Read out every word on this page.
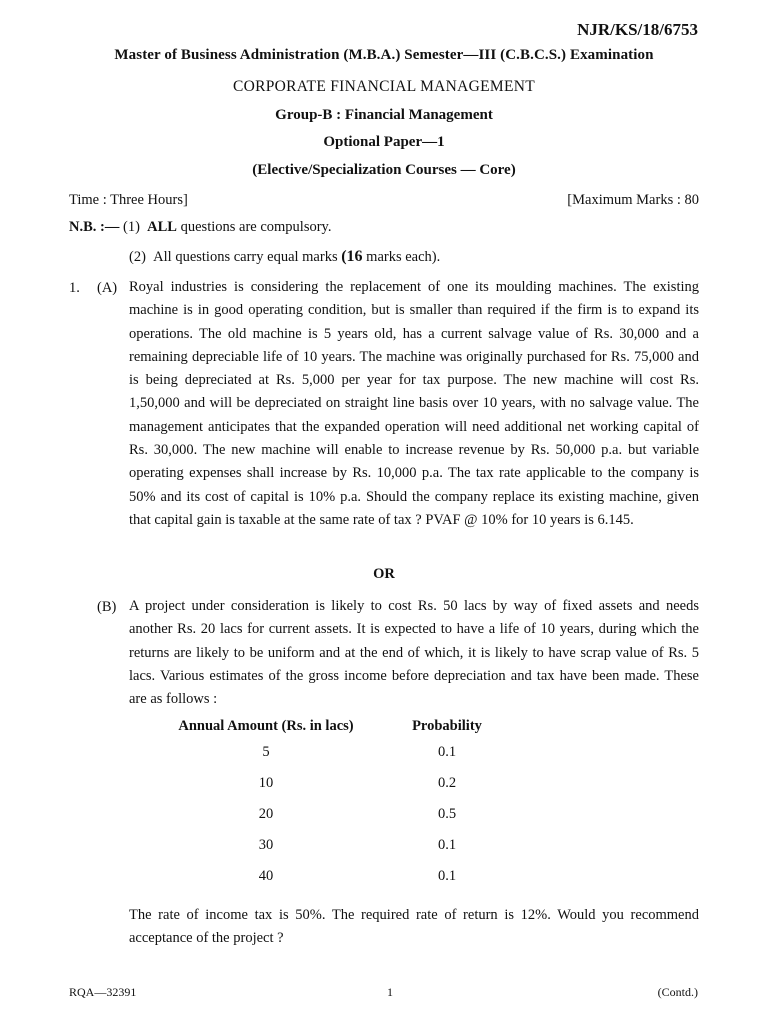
NJR/KS/18/6753
Master of Business Administration (M.B.A.) Semester—III (C.B.C.S.) Examination
CORPORATE FINANCIAL MANAGEMENT
Group-B : Financial Management
Optional Paper—1
(Elective/Specialization Courses — Core)
Time : Three Hours]	[Maximum Marks : 80
N.B. :— (1) ALL questions are compulsory.
(2) All questions carry equal marks (16 marks each).
1. (A) Royal industries is considering the replacement of one its moulding machines. The existing machine is in good operating condition, but is smaller than required if the firm is to expand its operations. The old machine is 5 years old, has a current salvage value of Rs. 30,000 and a remaining depreciable life of 10 years. The machine was originally purchased for Rs. 75,000 and is being depreciated at Rs. 5,000 per year for tax purpose. The new machine will cost Rs. 1,50,000 and will be depreciated on straight line basis over 10 years, with no salvage value. The management anticipates that the expanded operation will need additional net working capital of Rs. 30,000. The new machine will enable to increase revenue by Rs. 50,000 p.a. but variable operating expenses shall increase by Rs. 10,000 p.a. The tax rate applicable to the company is 50% and its cost of capital is 10% p.a. Should the company replace its existing machine, given that capital gain is taxable at the same rate of tax ? PVAF @ 10% for 10 years is 6.145.
OR
(B) A project under consideration is likely to cost Rs. 50 lacs by way of fixed assets and needs another Rs. 20 lacs for current assets. It is expected to have a life of 10 years, during which the returns are likely to be uniform and at the end of which, it is likely to have scrap value of Rs. 5 lacs. Various estimates of the gross income before depreciation and tax have been made. These are as follows :
Annual Amount (Rs. in lacs)	Probability
5	0.1
10	0.2
20	0.5
30	0.1
40	0.1
The rate of income tax is 50%. The required rate of return is 12%. Would you recommend acceptance of the project ?
RQA—32391	1	(Contd.)
